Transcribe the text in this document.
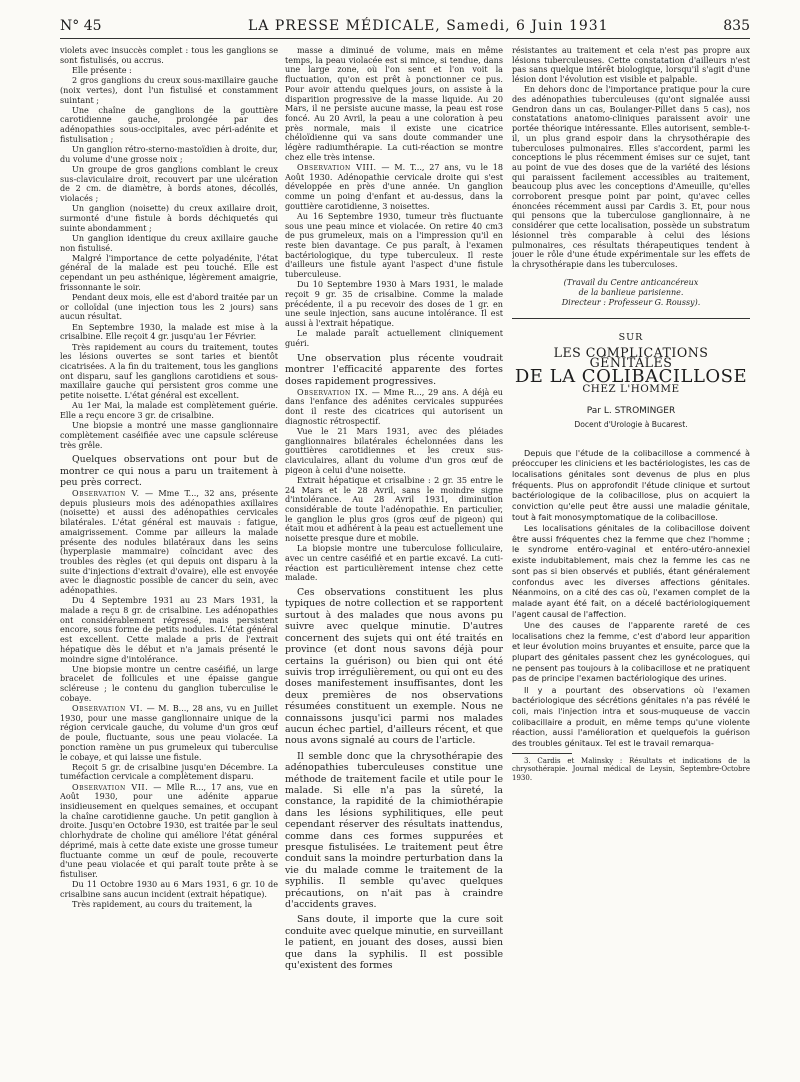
N° 45	LA PRESSE MÉDICALE, Samedi, 6 Juin 1931	835

violets avec insuccès complet : tous les ganglions se sont fistulisés, ou accrus.

Elle présente :

2 gros ganglions du creux sous-maxillaire gauche (noix vertes), dont l'un fistulisé et constamment suintant ;

Une chaîne de ganglions de la gouttière carotidienne gauche, prolongée par des adénopathies sous-occipitales, avec péri-adénite et fistulisation ;

Un ganglion rétro-sterno-mastoïdien à droite, dur, du volume d'une grosse noix ;

Un groupe de gros ganglions comblant le creux sus-claviculaire droit, recouvert par une ulcération de 2 cm. de diamètre, à bords atones, décollés, violacés ;

Un ganglion (noisette) du creux axillaire droit, surmonté d'une fistule à bords déchiquetés qui suinte abondamment ;

Un ganglion identique du creux axillaire gauche non fistulisé.

Malgré l'importance de cette polyadénite, l'état général de la malade est peu touché. Elle est cependant un peu asthénique, légèrement amaigrie, frissonnante le soir.

Pendant deux mois, elle est d'abord traitée par un or colloïdal (une injection tous les 2 jours) sans aucun résultat.

En Septembre 1930, la malade est mise à la crisalbine. Elle reçoit 4 gr. jusqu'au 1er Février.

Très rapidement au cours du traitement, toutes les lésions ouvertes se sont taries et bientôt cicatrisées. A la fin du traitement, tous les ganglions ont disparu, sauf les ganglions carotidiens et sous-maxillaire gauche qui persistent gros comme une petite noisette. L'état général est excellent.

Au 1er Mai, la malade est complètement guérie. Elle a reçu encore 3 gr. de crisalbine.

Une biopsie a montré une masse ganglionnaire complètement caséifiée avec une capsule scléreuse très grêle.

Quelques observations ont pour but de montrer ce qui nous a paru un traitement à peu près correct.

Observation V. — Mme T..., 32 ans, présente depuis plusieurs mois des adénopathies axillaires (noisette) et aussi des adénopathies cervicales bilatérales. L'état général est mauvais : fatigue, amaigrissement. Comme par ailleurs la malade présente des nodules bilatéraux dans les seins (hyperplasie mammaire) coïncidant avec des troubles des règles (et qui depuis ont disparu à la suite d'injections d'extrait d'ovaire), elle est envoyée avec le diagnostic possible de cancer du sein, avec adénopathies.

Du 4 Septembre 1931 au 23 Mars 1931, la malade a reçu 8 gr. de crisalbine. Les adénopathies ont considérablement régressé, mais persistent encore, sous forme de petits nodules. L'état général est excellent. Cette malade a pris de l'extrait hépatique dès le début et n'a jamais présenté le moindre signe d'intolérance.

Une biopsie montre un centre caséifié, un large bracelet de follicules et une épaisse gangue scléreuse ; le contenu du ganglion tuberculise le cobaye.

Observation VI. — M. B..., 28 ans, vu en Juillet 1930, pour une masse ganglionnaire unique de la région cervicale gauche, du volume d'un gros œuf de poule, fluctuante, sous une peau violacée. La ponction ramène un pus grumeleux qui tuberculise le cobaye, et qui laisse une fistule.

Reçoit 5 gr. de crisalbine jusqu'en Décembre. La tuméfaction cervicale a complètement disparu.

Observation VII. — Mlle R..., 17 ans, vue en Août 1930, pour une adénite apparue insidieusement en quelques semaines, et occupant la chaîne carotidienne gauche. Un petit ganglion à droite. Jusqu'en Octobre 1930, est traitée par le seul chlorhydrate de choline qui améliore l'état général déprimé, mais à cette date existe une grosse tumeur fluctuante comme un œuf de poule, recouverte d'une peau violacée et qui paraît toute prête à se fistuliser.

Du 11 Octobre 1930 au 6 Mars 1931, 6 gr. 10 de crisalbine sans aucun incident (extrait hépatique).

Très rapidement, au cours du traitement, la

masse a diminué de volume, mais en même temps, la peau violacée est si mince, si tendue, dans une large zone, où l'on sent et l'on voit la fluctuation, qu'on est prêt à ponctionner ce pus. Pour avoir attendu quelques jours, on assiste à la disparition progressive de la masse liquide. Au 20 Mars, il ne persiste aucune masse, la peau est rose foncé. Au 20 Avril, la peau a une coloration à peu près normale, mais il existe une cicatrice chéloïdienne qui va sans doute commander une légère radiumthérapie. La cuti-réaction se montre chez elle très intense.

Observation VIII. — M. T..., 27 ans, vu le 18 Août 1930. Adénopathie cervicale droite qui s'est développée en près d'une année. Un ganglion comme un poing d'enfant et au-dessus, dans la gouttière carotidienne, 3 noisettes.

Au 16 Septembre 1930, tumeur très fluctuante sous une peau mince et violacée. On retire 40 cm3 de pus grumeleux, mais on a l'impression qu'il en reste bien davantage. Ce pus paraît, à l'examen bactériologique, du type tuberculeux. Il reste d'ailleurs une fistule ayant l'aspect d'une fistule tuberculeuse.

Du 10 Septembre 1930 à Mars 1931, le malade reçoit 9 gr. 35 de crisalbine. Comme la malade précédente, il a pu recevoir des doses de 1 gr. en une seule injection, sans aucune intolérance. Il est aussi à l'extrait hépatique.

Le malade paraît actuellement cliniquement guéri.

Une observation plus récente voudrait montrer l'efficacité apparente des fortes doses rapidement progressives.

Observation IX. — Mme R..., 29 ans. A déjà eu dans l'enfance des adénites cervicales suppurées dont il reste des cicatrices qui autorisent un diagnostic rétrospectif.

Vue le 21 Mars 1931, avec des pléiades ganglionnaires bilatérales échelonnées dans les gouttières carotidiennes et les creux sus-claviculaires, allant du volume d'un gros œuf de pigeon à celui d'une noisette.

Extrait hépatique et crisalbine : 2 gr. 35 entre le 24 Mars et le 28 Avril, sans le moindre signe d'intolérance. Au 28 Avril 1931, diminution considérable de toute l'adénopathie. En particulier, le ganglion le plus gros (gros œuf de pigeon) qui était mou et adhérent à la peau est actuellement une noisette presque dure et mobile.

La biopsie montre une tuberculose folliculaire, avec un centre caséifié et en partie excavé. La cuti-réaction est particulièrement intense chez cette malade.

Ces observations constituent les plus typiques de notre collection et se rapportent surtout à des malades que nous avons pu suivre avec quelque minutie. D'autres concernent des sujets qui ont été traités en province (et dont nous savons déjà pour certains la guérison) ou bien qui ont été suivis trop irrégulièrement, ou qui ont eu des doses manifestement insuffisantes, dont les deux premières de nos observations résumées constituent un exemple. Nous ne connaissons jusqu'ici parmi nos malades aucun échec partiel, d'ailleurs récent, et que nous avons signalé au cours de l'article.

Il semble donc que la chrysothérapie des adénopathies tuberculeuses constitue une méthode de traitement facile et utile pour le malade. Si elle n'a pas la sûreté, la constance, la rapidité de la chimiothérapie dans les lésions syphilitiques, elle peut cependant réserver des résultats inattendus, comme dans ces formes suppurées et presque fistulisées. Le traitement peut être conduit sans la moindre perturbation dans la vie du malade comme le traitement de la syphilis. Il semble qu'avec quelques précautions, on n'ait pas à craindre d'accidents graves.

Sans doute, il importe que la cure soit conduite avec quelque minutie, en surveillant le patient, en jouant des doses, aussi bien que dans la syphilis. Il est possible qu'existent des formes

résistantes au traitement et cela n'est pas propre aux lésions tuberculeuses. Cette constatation d'ailleurs n'est pas sans quelque intérêt biologique, lorsqu'il s'agit d'une lésion dont l'évolution est visible et palpable.

En dehors donc de l'importance pratique pour la cure des adénopathies tuberculeuses (qu'ont signalée aussi Gendron dans un cas, Boulanger-Pillet dans 5 cas), nos constatations anatomo-cliniques paraissent avoir une portée théorique intéressante. Elles autorisent, semble-t-il, un plus grand espoir dans la chrysothérapie des tuberculoses pulmonaires. Elles s'accordent, parmi les conceptions le plus récemment émises sur ce sujet, tant au point de vue des doses que de la variété des lésions qui paraissent facilement accessibles au traitement, beaucoup plus avec les conceptions d'Ameuille, qu'elles corroborent presque point par point, qu'avec celles énoncées récemment aussi par Cardis 3. Et, pour nous qui pensons que la tuberculose ganglionnaire, à ne considérer que cette localisation, possède un substratum lésionnel très comparable à celui des lésions pulmonaires, ces résultats thérapeutiques tendent à jouer le rôle d'une étude expérimentale sur les effets de la chrysothérapie dans les tuberculoses.

(Travail du Centre anticancéreux
de la banlieue parisienne.
Directeur : Professeur G. Roussy).
SUR
LES COMPLICATIONS GÉNITALES
DE LA COLIBACILLOSE
CHEZ L'HOMME
Par L. STROMINGER
Docent d'Urologie à Bucarest.

Depuis que l'étude de la colibacillose a commencé à préoccuper les cliniciens et les bactériologistes, les cas de localisations génitales sont devenus de plus en plus fréquents. Plus on approfondit l'étude clinique et surtout bactériologique de la colibacillose, plus on acquiert la conviction qu'elle peut être aussi une maladie génitale, tout à fait monosymptomatique de la colibacillose.

Les localisations génitales de la colibacillose doivent être aussi fréquentes chez la femme que chez l'homme ; le syndrome entéro-vaginal et entéro-utéro-annexiel existe indubitablement, mais chez la femme les cas ne sont pas si bien observés et publiés, étant généralement confondus avec les diverses affections génitales. Néanmoins, on a cité des cas où, l'examen complet de la malade ayant été fait, on a décelé bactériologiquement l'agent causal de l'affection.

Une des causes de l'apparente rareté de ces localisations chez la femme, c'est d'abord leur apparition et leur évolution moins bruyantes et ensuite, parce que la plupart des génitales passent chez les gynécologues, qui ne pensent pas toujours à la colibacillose et ne pratiquent pas de principe l'examen bactériologique des urines.

Il y a pourtant des observations où l'examen bactériologique des sécrétions génitales n'a pas révélé le coli, mais l'injection intra et sous-muqueuse de vaccin colibacillaire a produit, en même temps qu'une violente réaction, aussi l'amélioration et quelquefois la guérison des troubles génitaux. Tel est le travail remarqua-

3. Cardis et Malinsky : Résultats et indications de la chrysothérapie. Journal médical de Leysin, Septembre-Octobre 1930.
